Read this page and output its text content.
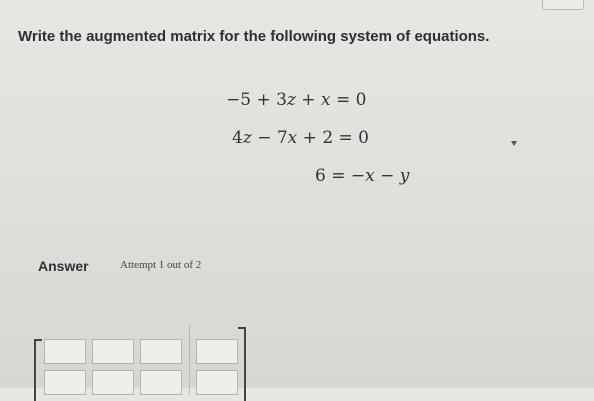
Write the augmented matrix for the following system of equations.
−5 + 3z + x = 0
4z − 7x + 2 = 0
6 = −x − y
Answer	Attempt 1 out of 2
